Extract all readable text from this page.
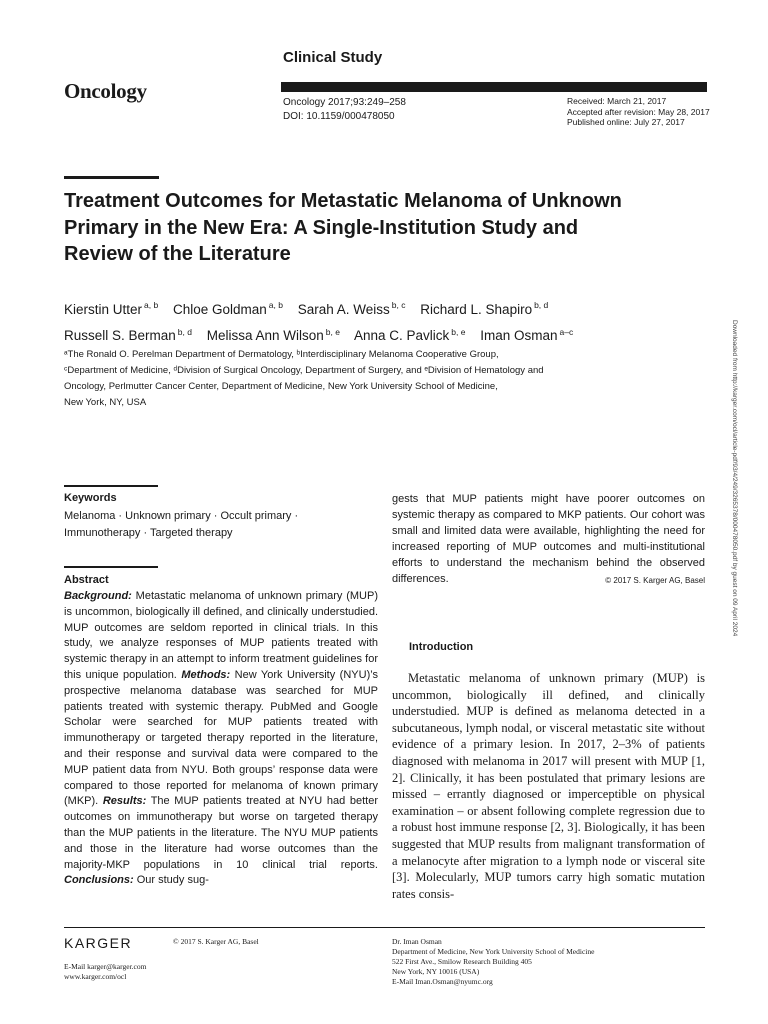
Clinical Study
Oncology	Oncology 2017;93:249–258
DOI: 10.1159/000478050
Received: March 21, 2017
Accepted after revision: May 28, 2017
Published online: July 27, 2017
Treatment Outcomes for Metastatic Melanoma of Unknown Primary in the New Era: A Single-Institution Study and Review of the Literature
Kierstin Utter $^{a, b}$ Chloe Goldman $^{a, b}$ Sarah A. Weiss $^{b, c}$ Richard L. Shapiro $^{b, d}$
Russell S. Berman $^{b, d}$ Melissa Ann Wilson $^{b, e}$ Anna C. Pavlick $^{b, e}$ Iman Osman $^{a-c}$
ᵃThe Ronald O. Perelman Department of Dermatology, ᵇInterdisciplinary Melanoma Cooperative Group,
ᶜDepartment of Medicine, ᵈDivision of Surgical Oncology, Department of Surgery, and ᵉDivision of Hematology and
Oncology, Perlmutter Cancer Center, Department of Medicine, New York University School of Medicine,
New York, NY, USA	Downloaded from http://karger.com/ocl/article-pdf/93/4/249/3265378/000478050.pdf by guest on 09 April 2024
Keywords
Melanoma · Unknown primary · Occult primary ·
Immunotherapy · Targeted therapy
Abstract
Background: Metastatic melanoma of unknown primary (MUP) is uncommon, biologically ill defined, and clinically understudied. MUP outcomes are seldom reported in clinical trials. In this study, we analyze responses of MUP patients treated with systemic therapy in an attempt to inform treatment guidelines for this unique population. Methods: New York University (NYU)’s prospective melanoma database was searched for MUP patients treated with systemic therapy. PubMed and Google Scholar were searched for MUP patients treated with immunotherapy or targeted therapy reported in the literature, and their response and survival data were compared to the MUP patient data from NYU. Both groups’ response data were compared to those reported for melanoma of known primary (MKP). Results: The MUP patients treated at NYU had better outcomes on immunotherapy but worse on targeted therapy than the MUP patients in the literature. The NYU MUP patients and those in the literature had worse outcomes than the majority-MKP populations in 10 clinical trial reports. Conclusions: Our study sug-
gests that MUP patients might have poorer outcomes on systemic therapy as compared to MKP patients. Our cohort was small and limited data were available, highlighting the need for increased reporting of MUP outcomes and multi-institutional efforts to understand the mechanism behind the observed differences.	© 2017 S. Karger AG, Basel
Introduction
Metastatic melanoma of unknown primary (MUP) is uncommon, biologically ill defined, and clinically understudied. MUP is defined as melanoma detected in a subcutaneous, lymph nodal, or visceral metastatic site without evidence of a primary lesion. In 2017, 2–3% of patients diagnosed with melanoma in 2017 will present with MUP [1, 2]. Clinically, it has been postulated that primary lesions are missed – errantly diagnosed or imperceptible on physical examination – or absent following complete regression due to a robust host immune response [2, 3]. Biologically, it has been suggested that MUP results from malignant transformation of a melanocyte after migration to a lymph node or visceral site [3]. Molecularly, MUP tumors carry high somatic mutation rates consis-
KARGER	© 2017 S. Karger AG, Basel
E-Mail karger@karger.com
www.karger.com/ocl
Dr. Iman Osman
Department of Medicine, New York University School of Medicine
522 First Ave., Smilow Research Building 405
New York, NY 10016 (USA)
E-Mail Iman.Osman@nyumc.org
